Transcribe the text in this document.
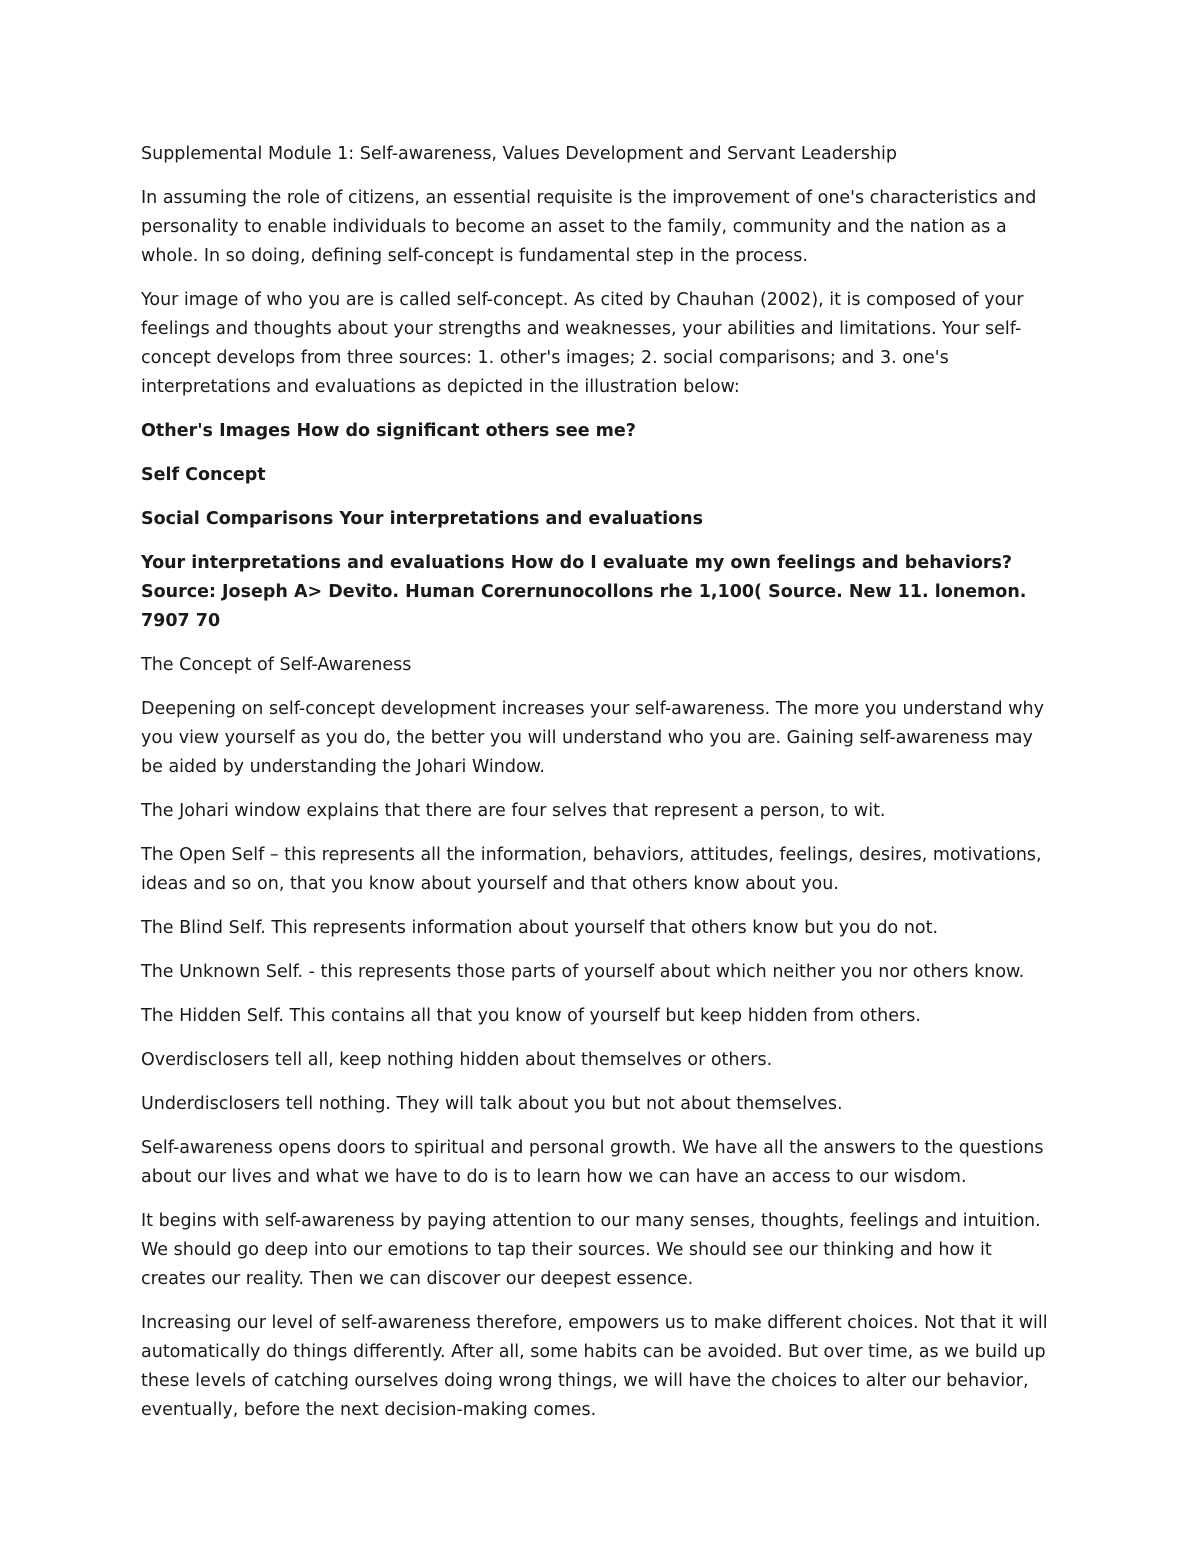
Supplemental Module 1: Self-awareness, Values Development and Servant Leadership

In assuming the role of citizens, an essential requisite is the improvement of one's characteristics and personality to enable individuals to become an asset to the family, community and the nation as a whole. In so doing, defining self-concept is fundamental step in the process.

Your image of who you are is called self-concept. As cited by Chauhan (2002), it is composed of your feelings and thoughts about your strengths and weaknesses, your abilities and limitations. Your self-concept develops from three sources: 1. other's images; 2. social comparisons; and 3. one's interpretations and evaluations as depicted in the illustration below:

Other's Images How do significant others see me?

Self Concept

Social Comparisons Your interpretations and evaluations

Your interpretations and evaluations How do I evaluate my own feelings and behaviors? Source: Joseph A> Devito. Human Corernunocollons rhe 1,100( Source. New 11. lonemon. 7907 70

The Concept of Self-Awareness

Deepening on self-concept development increases your self-awareness. The more you understand why you view yourself as you do, the better you will understand who you are. Gaining self-awareness may be aided by understanding the Johari Window.

The Johari window explains that there are four selves that represent a person, to wit.

The Open Self – this represents all the information, behaviors, attitudes, feelings, desires, motivations, ideas and so on, that you know about yourself and that others know about you.

The Blind Self. This represents information about yourself that others know but you do not.

The Unknown Self. - this represents those parts of yourself about which neither you nor others know.

The Hidden Self. This contains all that you know of yourself but keep hidden from others.

Overdisclosers tell all, keep nothing hidden about themselves or others.

Underdisclosers tell nothing. They will talk about you but not about themselves.

Self-awareness opens doors to spiritual and personal growth. We have all the answers to the questions about our lives and what we have to do is to learn how we can have an access to our wisdom.

It begins with self-awareness by paying attention to our many senses, thoughts, feelings and intuition. We should go deep into our emotions to tap their sources. We should see our thinking and how it creates our reality. Then we can discover our deepest essence.

Increasing our level of self-awareness therefore, empowers us to make different choices. Not that it will automatically do things differently. After all, some habits can be avoided. But over time, as we build up these levels of catching ourselves doing wrong things, we will have the choices to alter our behavior, eventually, before the next decision-making comes.
